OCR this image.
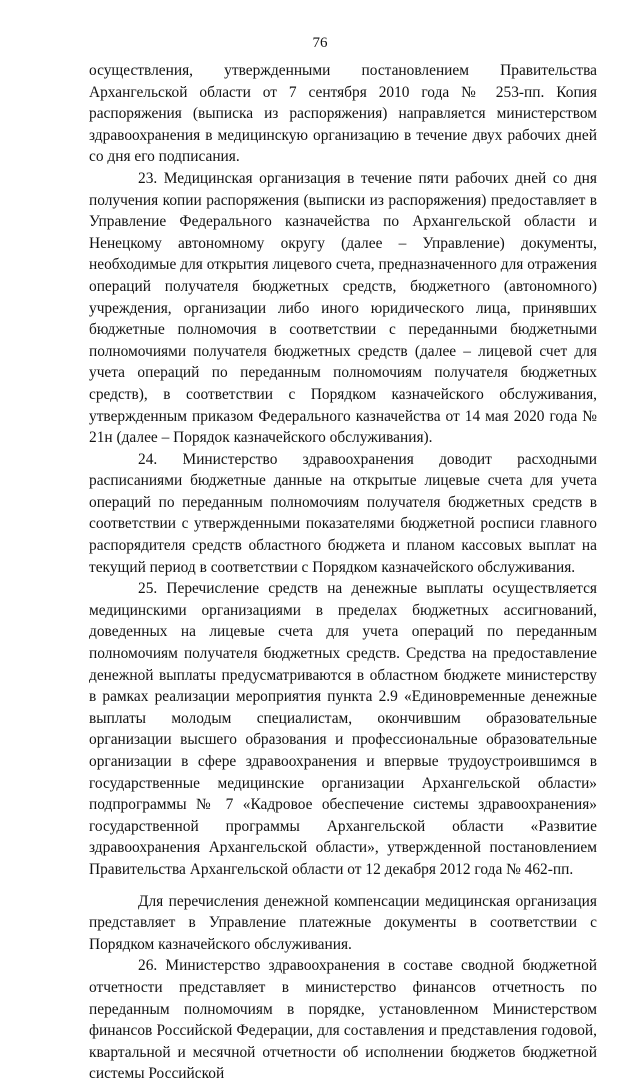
76

осуществления, утвержденными постановлением Правительства Архангельской области от 7 сентября 2010 года № 253-пп. Копия распоряжения (выписка из распоряжения) направляется министерством здравоохранения в медицинскую организацию в течение двух рабочих дней со дня его подписания.

23. Медицинская организация в течение пяти рабочих дней со дня получения копии распоряжения (выписки из распоряжения) предоставляет в Управление Федерального казначейства по Архангельской области и Ненецкому автономному округу (далее – Управление) документы, необходимые для открытия лицевого счета, предназначенного для отражения операций получателя бюджетных средств, бюджетного (автономного) учреждения, организации либо иного юридического лица, принявших бюджетные полномочия в соответствии с переданными бюджетными полномочиями получателя бюджетных средств (далее – лицевой счет для учета операций по переданным полномочиям получателя бюджетных средств), в соответствии с Порядком казначейского обслуживания, утвержденным приказом Федерального казначейства от 14 мая 2020 года № 21н (далее – Порядок казначейского обслуживания).

24. Министерство здравоохранения доводит расходными расписаниями бюджетные данные на открытые лицевые счета для учета операций по переданным полномочиям получателя бюджетных средств в соответствии с утвержденными показателями бюджетной росписи главного распорядителя средств областного бюджета и планом кассовых выплат на текущий период в соответствии с Порядком казначейского обслуживания.

25. Перечисление средств на денежные выплаты осуществляется медицинскими организациями в пределах бюджетных ассигнований, доведенных на лицевые счета для учета операций по переданным полномочиям получателя бюджетных средств. Средства на предоставление денежной выплаты предусматриваются в областном бюджете министерству в рамках реализации мероприятия пункта 2.9 «Единовременные денежные выплаты молодым специалистам, окончившим образовательные организации высшего образования и профессиональные образовательные организации в сфере здравоохранения и впервые трудоустроившимся в государственные медицинские организации Архангельской области» подпрограммы № 7 «Кадровое обеспечение системы здравоохранения» государственной программы Архангельской области «Развитие здравоохранения Архангельской области», утвержденной постановлением Правительства Архангельской области от 12 декабря 2012 года № 462-пп.

Для перечисления денежной компенсации медицинская организация представляет в Управление платежные документы в соответствии с Порядком казначейского обслуживания.

26. Министерство здравоохранения в составе сводной бюджетной отчетности представляет в министерство финансов отчетность по переданным полномочиям в порядке, установленном Министерством финансов Российской Федерации, для составления и представления годовой, квартальной и месячной отчетности об исполнении бюджетов бюджетной системы Российской
